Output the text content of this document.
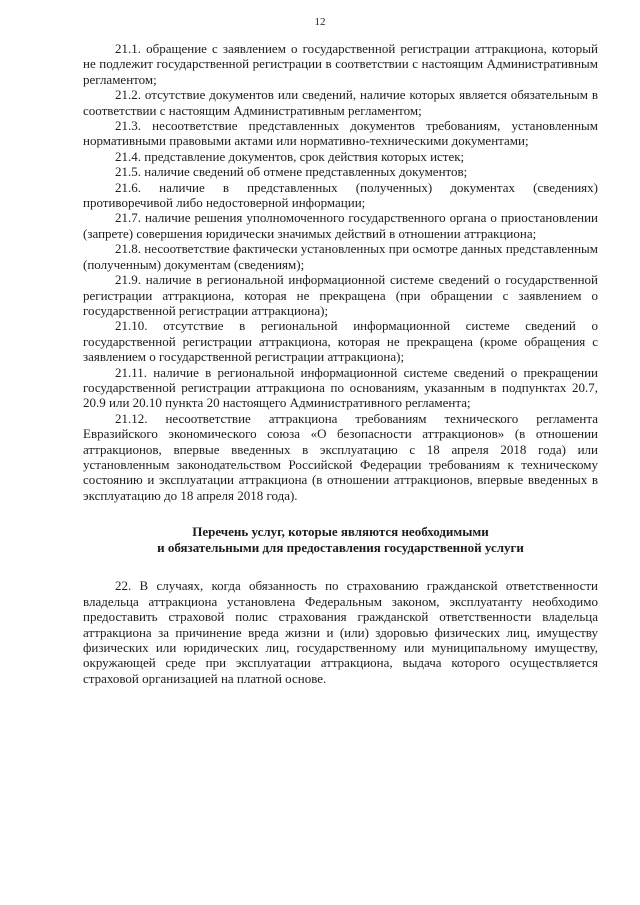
12

21.1. обращение с заявлением о государственной регистрации аттракциона, который не подлежит государственной регистрации в соответствии с настоящим Административным регламентом;

21.2. отсутствие документов или сведений, наличие которых является обязательным в соответствии с настоящим Административным регламентом;

21.3. несоответствие представленных документов требованиям, установленным нормативными правовыми актами или нормативно-техническими документами;

21.4. представление документов, срок действия которых истек;

21.5. наличие сведений об отмене представленных документов;

21.6. наличие в представленных (полученных) документах (сведениях) противоречивой либо недостоверной информации;

21.7. наличие решения уполномоченного государственного органа о приостановлении (запрете) совершения юридически значимых действий в отношении аттракциона;

21.8. несоответствие фактически установленных при осмотре данных представленным (полученным) документам (сведениям);

21.9. наличие в региональной информационной системе сведений о государственной регистрации аттракциона, которая не прекращена (при обращении с заявлением о государственной регистрации аттракциона);

21.10. отсутствие в региональной информационной системе сведений о государственной регистрации аттракциона, которая не прекращена (кроме обращения с заявлением о государственной регистрации аттракциона);

21.11. наличие в региональной информационной системе сведений о прекращении государственной регистрации аттракциона по основаниям, указанным в подпунктах 20.7, 20.9 или 20.10 пункта 20 настоящего Административного регламента;

21.12. несоответствие аттракциона требованиям технического регламента Евразийского экономического союза «О безопасности аттракционов» (в отношении аттракционов, впервые введенных в эксплуатацию с 18 апреля 2018 года) или установленным законодательством Российской Федерации требованиям к техническому состоянию и эксплуатации аттракциона (в отношении аттракционов, впервые введенных в эксплуатацию до 18 апреля 2018 года).

Перечень услуг, которые являются необходимыми
и обязательными для предоставления государственной услуги

22. В случаях, когда обязанность по страхованию гражданской ответственности владельца аттракциона установлена Федеральным законом, эксплуатанту необходимо предоставить страховой полис страхования гражданской ответственности владельца аттракциона за причинение вреда жизни и (или) здоровью физических лиц, имуществу физических или юридических лиц, государственному или муниципальному имуществу, окружающей среде при эксплуатации аттракциона, выдача которого осуществляется страховой организацией на платной основе.
